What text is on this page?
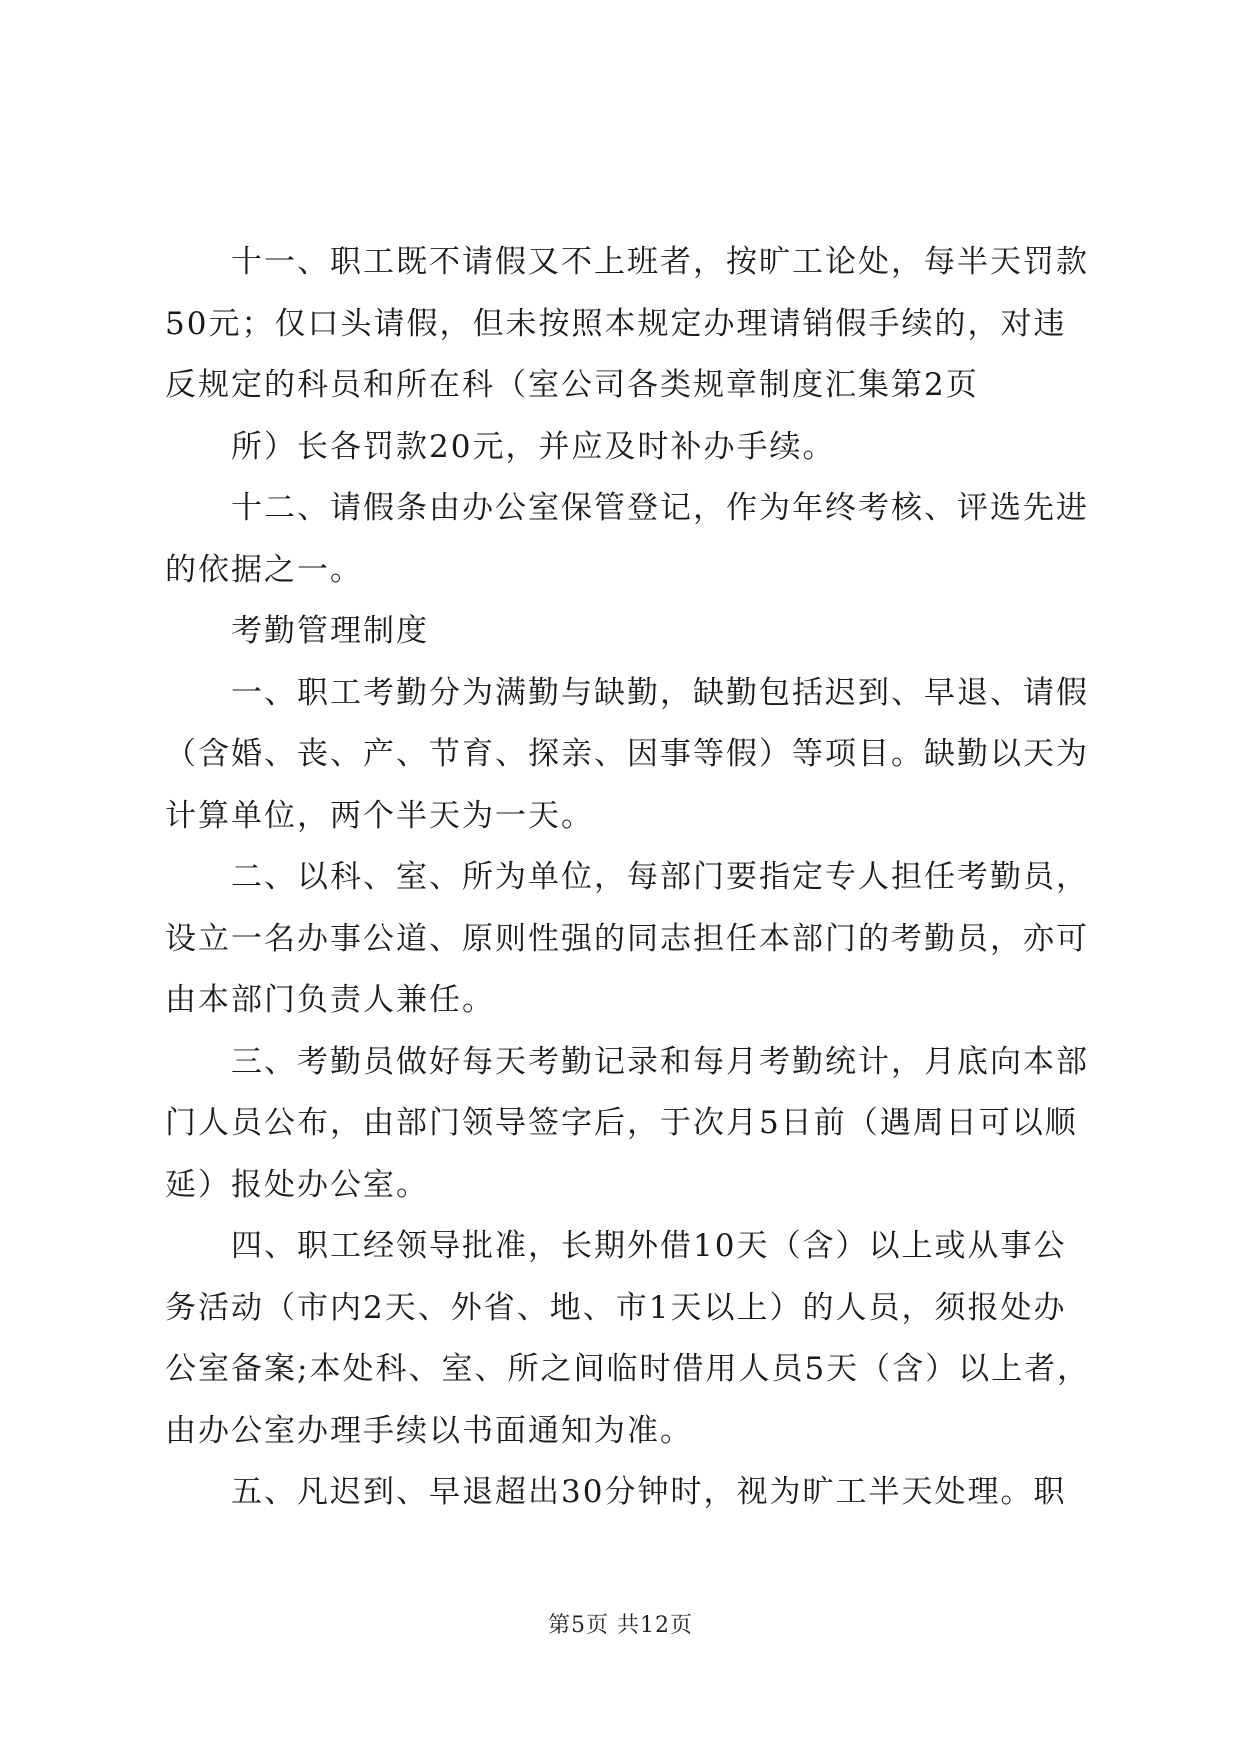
十一、职工既不请假又不上班者，按旷工论处，每半天罚款
50元；仅口头请假，但未按照本规定办理请销假手续的，对违
反规定的科员和所在科（室公司各类规章制度汇集第2页
所）长各罚款20元，并应及时补办手续。
十二、请假条由办公室保管登记，作为年终考核、评选先进
的依据之一。
考勤管理制度
一、职工考勤分为满勤与缺勤，缺勤包括迟到、早退、请假
（含婚、丧、产、节育、探亲、因事等假）等项目。缺勤以天为
计算单位，两个半天为一天。
二、以科、室、所为单位，每部门要指定专人担任考勤员，
设立一名办事公道、原则性强的同志担任本部门的考勤员，亦可
由本部门负责人兼任。
三、考勤员做好每天考勤记录和每月考勤统计，月底向本部
门人员公布，由部门领导签字后，于次月5日前（遇周日可以顺
延）报处办公室。
四、职工经领导批准，长期外借10天（含）以上或从事公
务活动（市内2天、外省、地、市1天以上）的人员，须报处办
公室备案;本处科、室、所之间临时借用人员5天（含）以上者，
由办公室办理手续以书面通知为准。
五、凡迟到、早退超出30分钟时，视为旷工半天处理。职
第5页 共12页
